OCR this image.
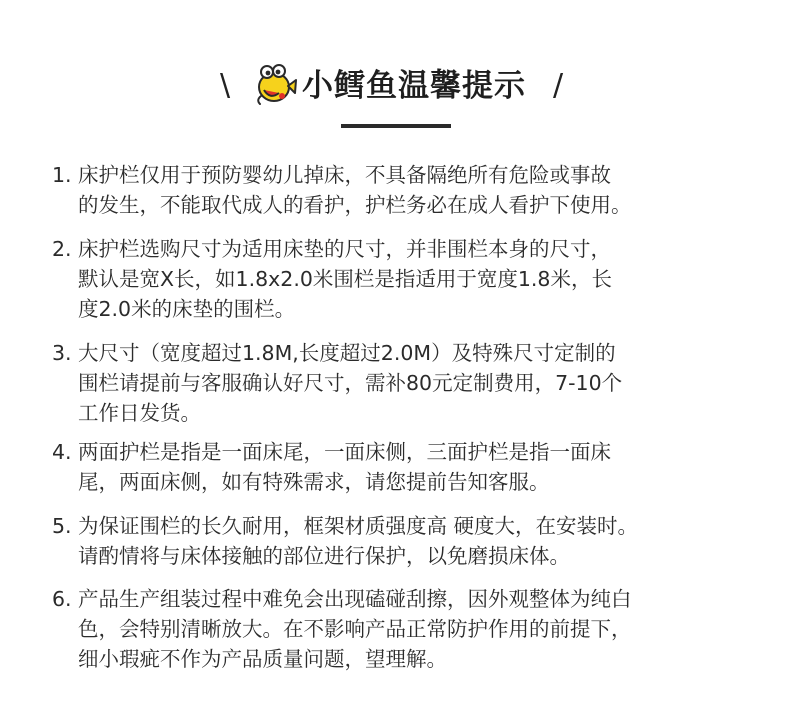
\ 小鳕鱼温馨提示 /
1. 床护栏仅用于预防婴幼儿掉床，不具备隔绝所有危险或事故
的发生，不能取代成人的看护，护栏务必在成人看护下使用。
2. 床护栏选购尺寸为适用床垫的尺寸，并非围栏本身的尺寸，
默认是宽X长，如1.8x2.0米围栏是指适用于宽度1.8米，长
度2.0米的床垫的围栏。
3. 大尺寸（宽度超过1.8M,长度超过2.0M）及特殊尺寸定制的
围栏请提前与客服确认好尺寸，需补80元定制费用，7-10个
工作日发货。
4. 两面护栏是指是一面床尾，一面床侧，三面护栏是指一面床
尾，两面床侧，如有特殊需求，请您提前告知客服。
5. 为保证围栏的长久耐用，框架材质强度高 硬度大，在安装时。
请酌情将与床体接触的部位进行保护，以免磨损床体。
6. 产品生产组装过程中难免会出现磕碰刮擦，因外观整体为纯白
色，会特别清晰放大。在不影响产品正常防护作用的前提下，
细小瑕疵不作为产品质量问题，望理解。
